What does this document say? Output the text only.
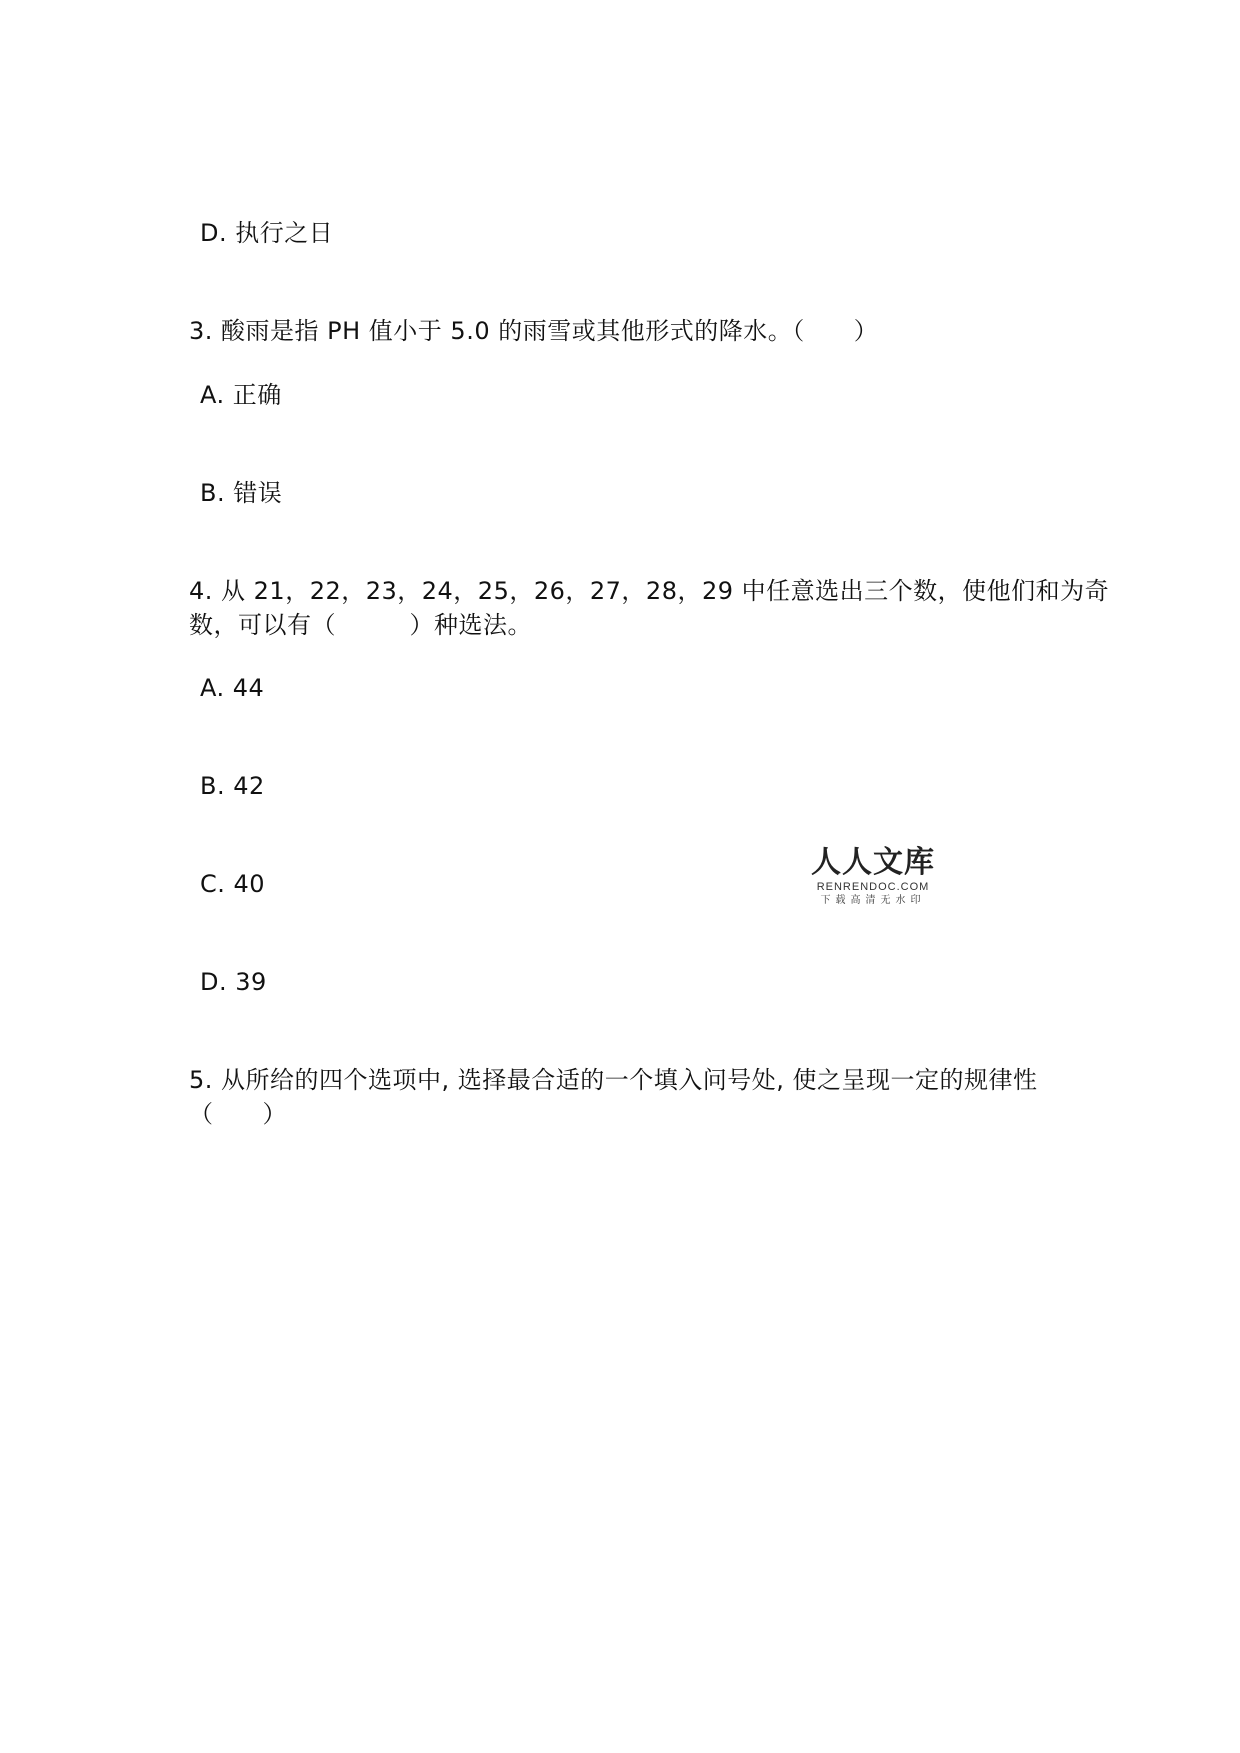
D. 执行之日
3. 酸雨是指 PH 值小于 5.0 的雨雪或其他形式的降水。（　　）
A. 正确
B. 错误
4. 从 21，22，23，24，25，26，27，28，29 中任意选出三个数，使他们和为奇
数，可以有（　　　）种选法。
A. 44
B. 42
C. 40
D. 39
5. 从所给的四个选项中, 选择最合适的一个填入问号处, 使之呈现一定的规律性
（　　）
人人文库
RENRENDOC.COM
下载高清无水印
